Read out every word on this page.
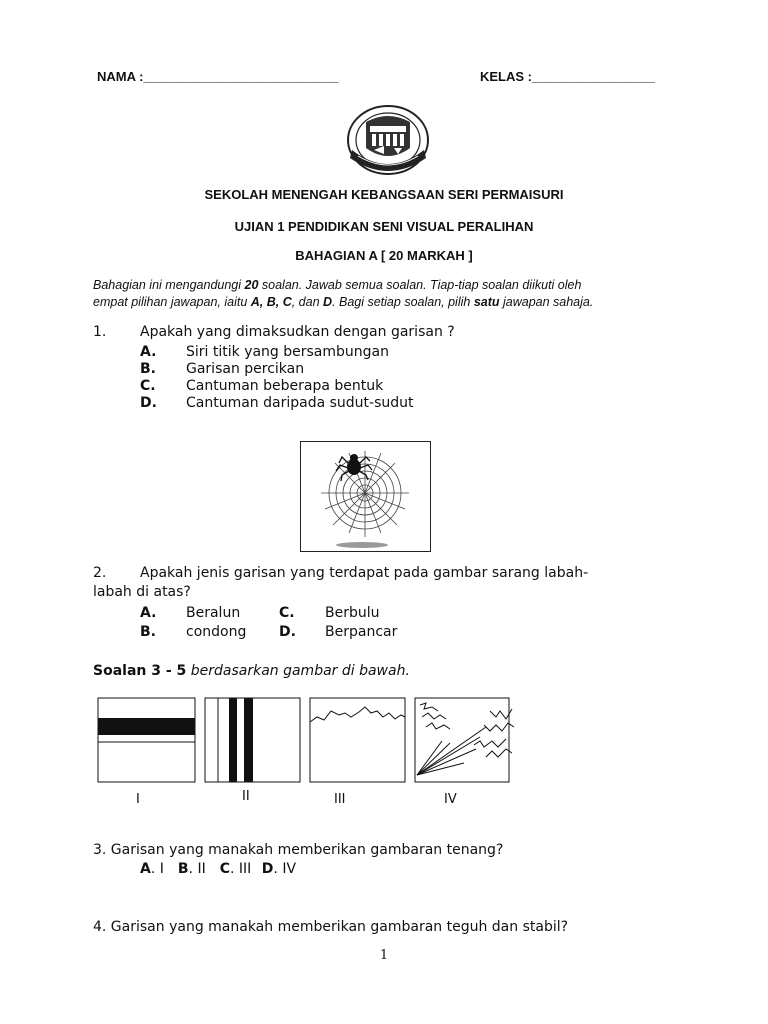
NAMA :___________________________	KELAS :_________________
SEKOLAH MENENGAH KEBANGSAAN SERI PERMAISURI
UJIAN 1 PENDIDIKAN SENI VISUAL PERALIHAN
BAHAGIAN A [ 20 MARKAH ]
Bahagian ini mengandungi 20 soalan. Jawab semua soalan. Tiap-tiap soalan diikuti oleh
empat pilihan jawapan, iaitu A, B, C, dan D. Bagi setiap soalan, pilih satu jawapan sahaja.
1. Apakah yang dimaksudkan dengan garisan ?
A. Siri titik yang bersambungan
B. Garisan percikan
C. Cantuman beberapa bentuk
D. Cantuman daripada sudut-sudut
2. Apakah jenis garisan yang terdapat pada gambar sarang labah-
labah di atas?
A. Beralun	C. Berbulu
B. condong D. Berpancar
Soalan 3 - 5 berdasarkan gambar di bawah.
I	II	III	IV
3. Garisan yang manakah memberikan gambaran tenang?
A. I B. II C. III D. IV
4. Garisan yang manakah memberikan gambaran teguh dan stabil?
1
